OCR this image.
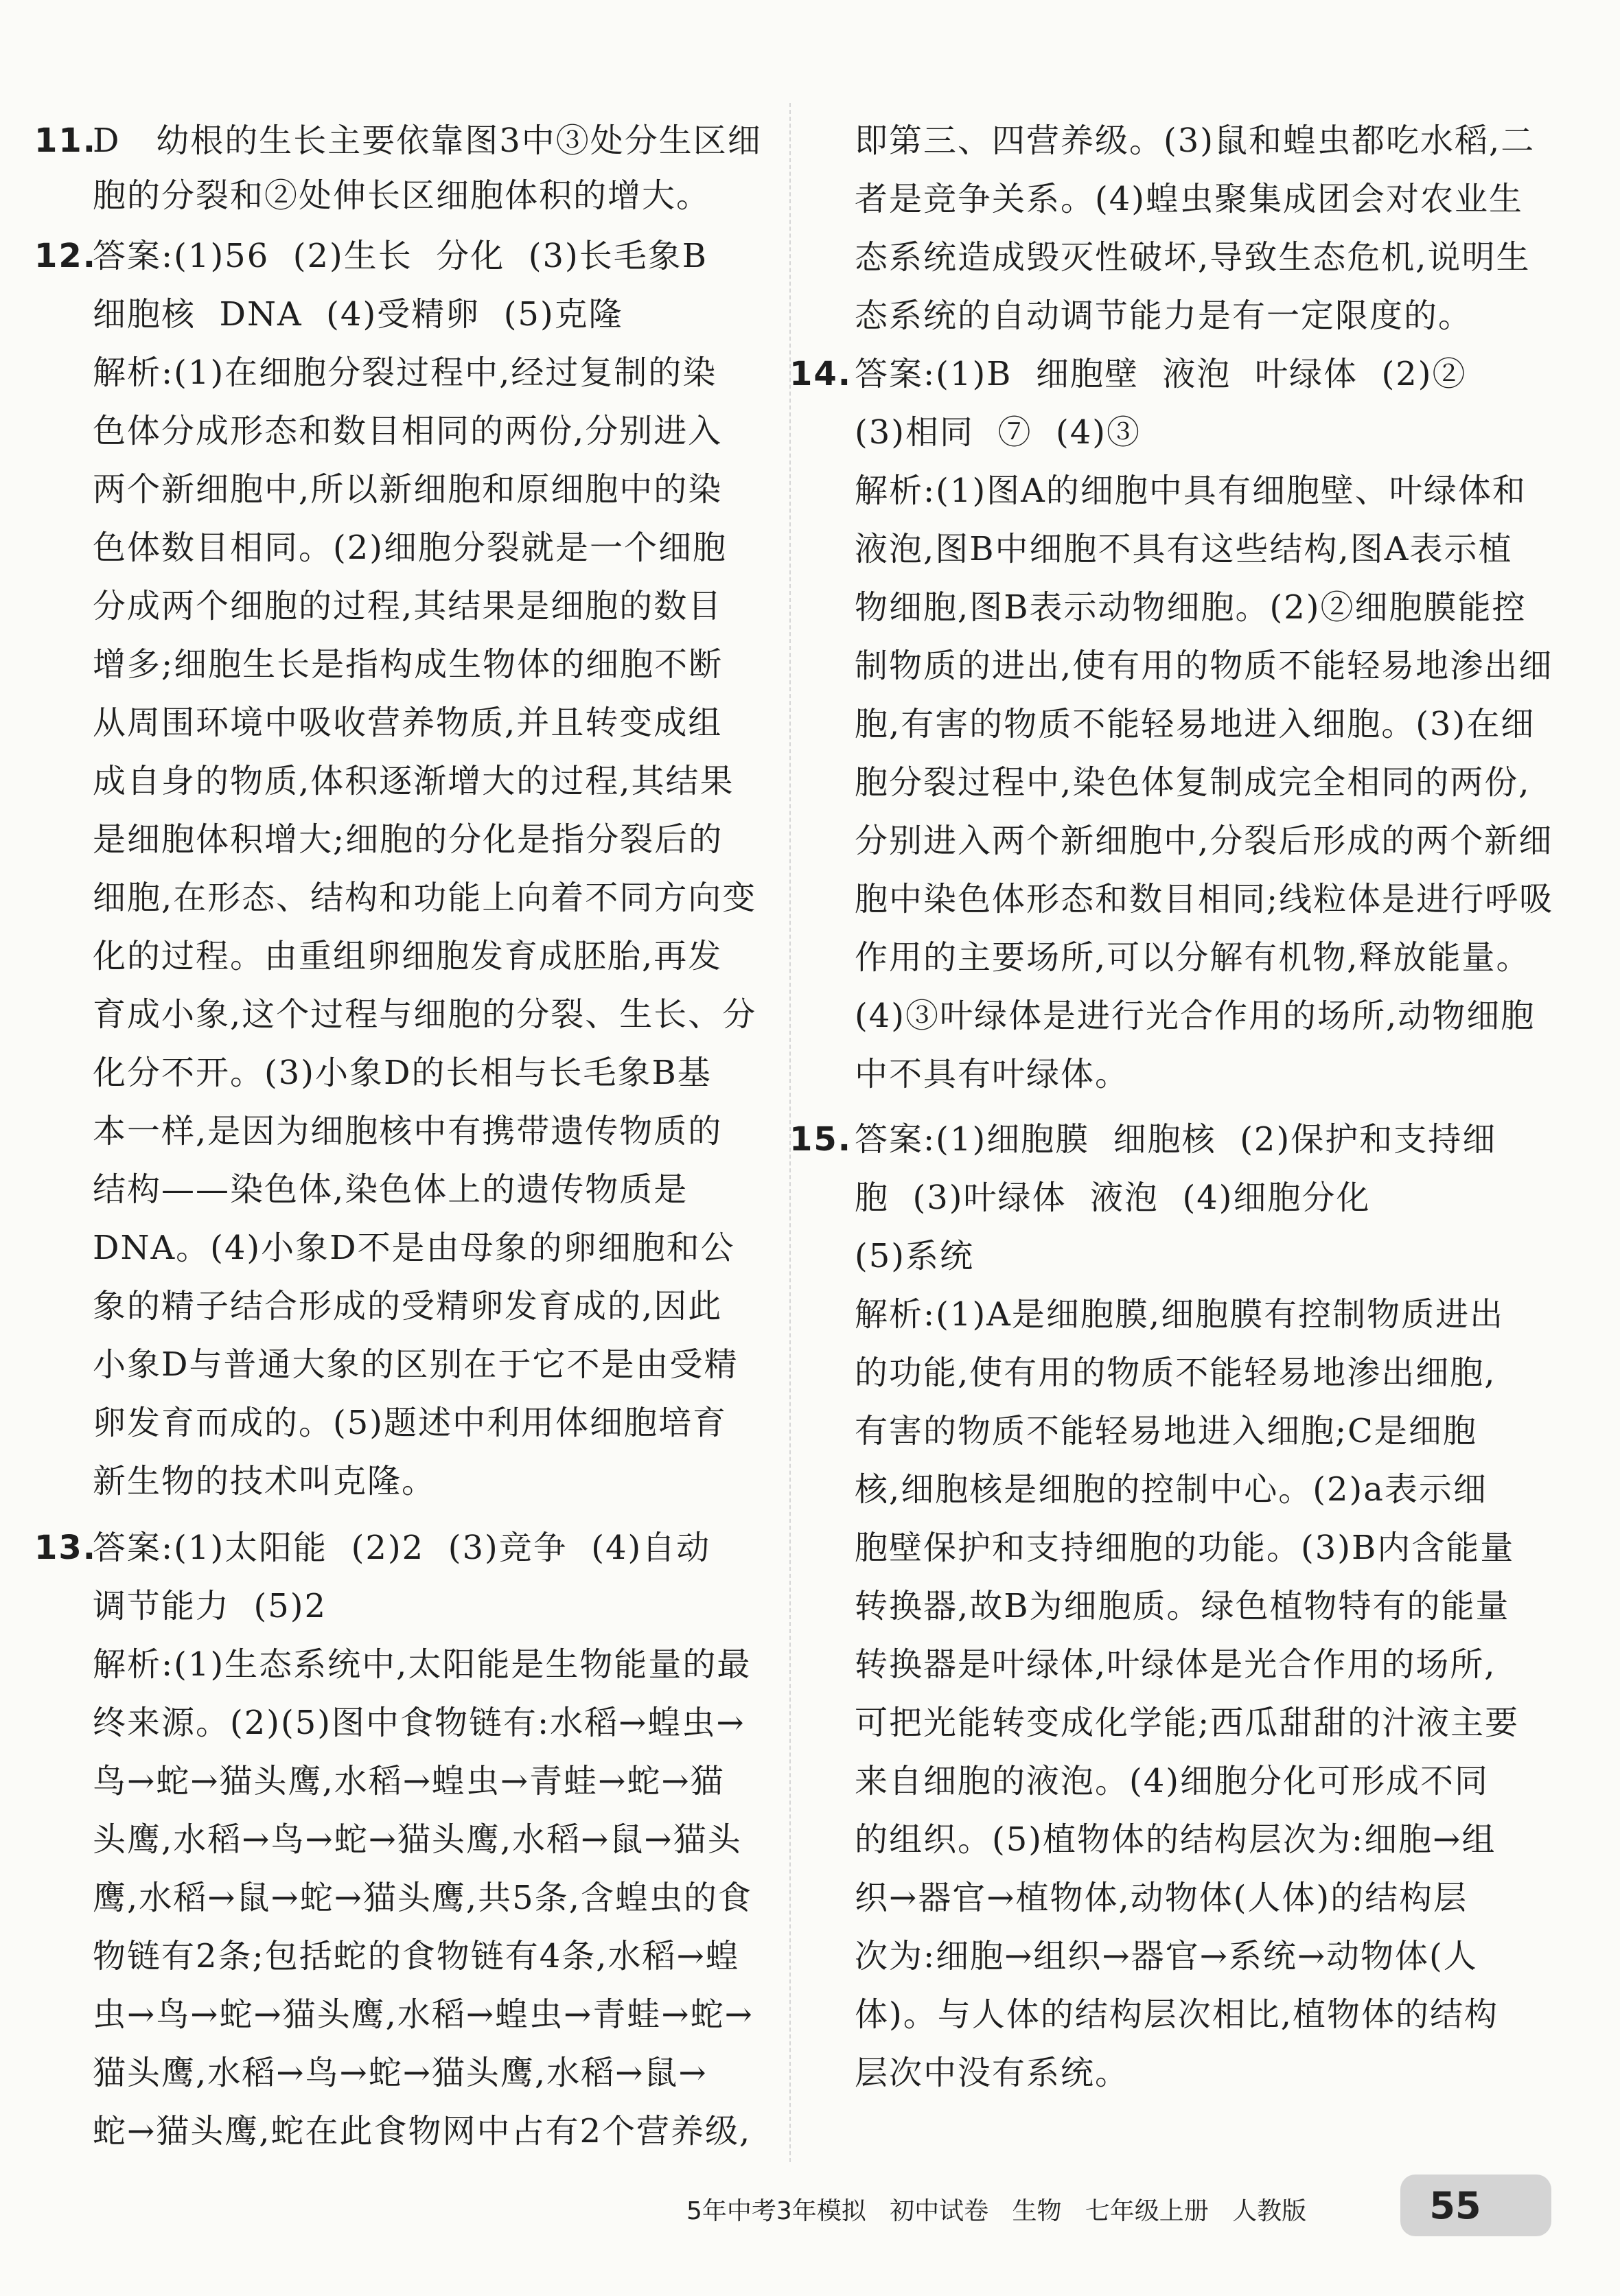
11.
D   幼根的生长主要依靠图3中③处分生区细
胞的分裂和②处伸长区细胞体积的增大。
12.
答案:(1)56  (2)生长  分化  (3)长毛象B
细胞核  DNA  (4)受精卵  (5)克隆
解析:(1)在细胞分裂过程中,经过复制的染
色体分成形态和数目相同的两份,分别进入
两个新细胞中,所以新细胞和原细胞中的染
色体数目相同。(2)细胞分裂就是一个细胞
分成两个细胞的过程,其结果是细胞的数目
增多;细胞生长是指构成生物体的细胞不断
从周围环境中吸收营养物质,并且转变成组
成自身的物质,体积逐渐增大的过程,其结果
是细胞体积增大;细胞的分化是指分裂后的
细胞,在形态、结构和功能上向着不同方向变
化的过程。由重组卵细胞发育成胚胎,再发
育成小象,这个过程与细胞的分裂、生长、分
化分不开。(3)小象D的长相与长毛象B基
本一样,是因为细胞核中有携带遗传物质的
结构——染色体,染色体上的遗传物质是
DNA。(4)小象D不是由母象的卵细胞和公
象的精子结合形成的受精卵发育成的,因此
小象D与普通大象的区别在于它不是由受精
卵发育而成的。(5)题述中利用体细胞培育
新生物的技术叫克隆。
13.
答案:(1)太阳能  (2)2  (3)竞争  (4)自动
调节能力  (5)2
解析:(1)生态系统中,太阳能是生物能量的最
终来源。(2)(5)图中食物链有:水稻→蝗虫→
鸟→蛇→猫头鹰,水稻→蝗虫→青蛙→蛇→猫
头鹰,水稻→鸟→蛇→猫头鹰,水稻→鼠→猫头
鹰,水稻→鼠→蛇→猫头鹰,共5条,含蝗虫的食
物链有2条;包括蛇的食物链有4条,水稻→蝗
虫→鸟→蛇→猫头鹰,水稻→蝗虫→青蛙→蛇→
猫头鹰,水稻→鸟→蛇→猫头鹰,水稻→鼠→
蛇→猫头鹰,蛇在此食物网中占有2个营养级,
即第三、四营养级。(3)鼠和蝗虫都吃水稻,二
者是竞争关系。(4)蝗虫聚集成团会对农业生
态系统造成毁灭性破坏,导致生态危机,说明生
态系统的自动调节能力是有一定限度的。
14. 答案:(1)B  细胞壁  液泡  叶绿体  (2)②
(3)相同  ⑦  (4)③
解析:(1)图A的细胞中具有细胞壁、叶绿体和
液泡,图B中细胞不具有这些结构,图A表示植
物细胞,图B表示动物细胞。(2)②细胞膜能控
制物质的进出,使有用的物质不能轻易地渗出细
胞,有害的物质不能轻易地进入细胞。(3)在细
胞分裂过程中,染色体复制成完全相同的两份,
分别进入两个新细胞中,分裂后形成的两个新细
胞中染色体形态和数目相同;线粒体是进行呼吸
作用的主要场所,可以分解有机物,释放能量。
(4)③叶绿体是进行光合作用的场所,动物细胞
中不具有叶绿体。
15. 答案:(1)细胞膜  细胞核  (2)保护和支持细
胞  (3)叶绿体  液泡  (4)细胞分化
(5)系统
解析:(1)A是细胞膜,细胞膜有控制物质进出
的功能,使有用的物质不能轻易地渗出细胞,
有害的物质不能轻易地进入细胞;C是细胞
核,细胞核是细胞的控制中心。(2)a表示细
胞壁保护和支持细胞的功能。(3)B内含能量
转换器,故B为细胞质。绿色植物特有的能量
转换器是叶绿体,叶绿体是光合作用的场所,
可把光能转变成化学能;西瓜甜甜的汁液主要
来自细胞的液泡。(4)细胞分化可形成不同
的组织。(5)植物体的结构层次为:细胞→组
织→器官→植物体,动物体(人体)的结构层
次为:细胞→组织→器官→系统→动物体(人
体)。与人体的结构层次相比,植物体的结构
层次中没有系统。
5年中考3年模拟   初中试卷   生物   七年级上册   人教版	55
